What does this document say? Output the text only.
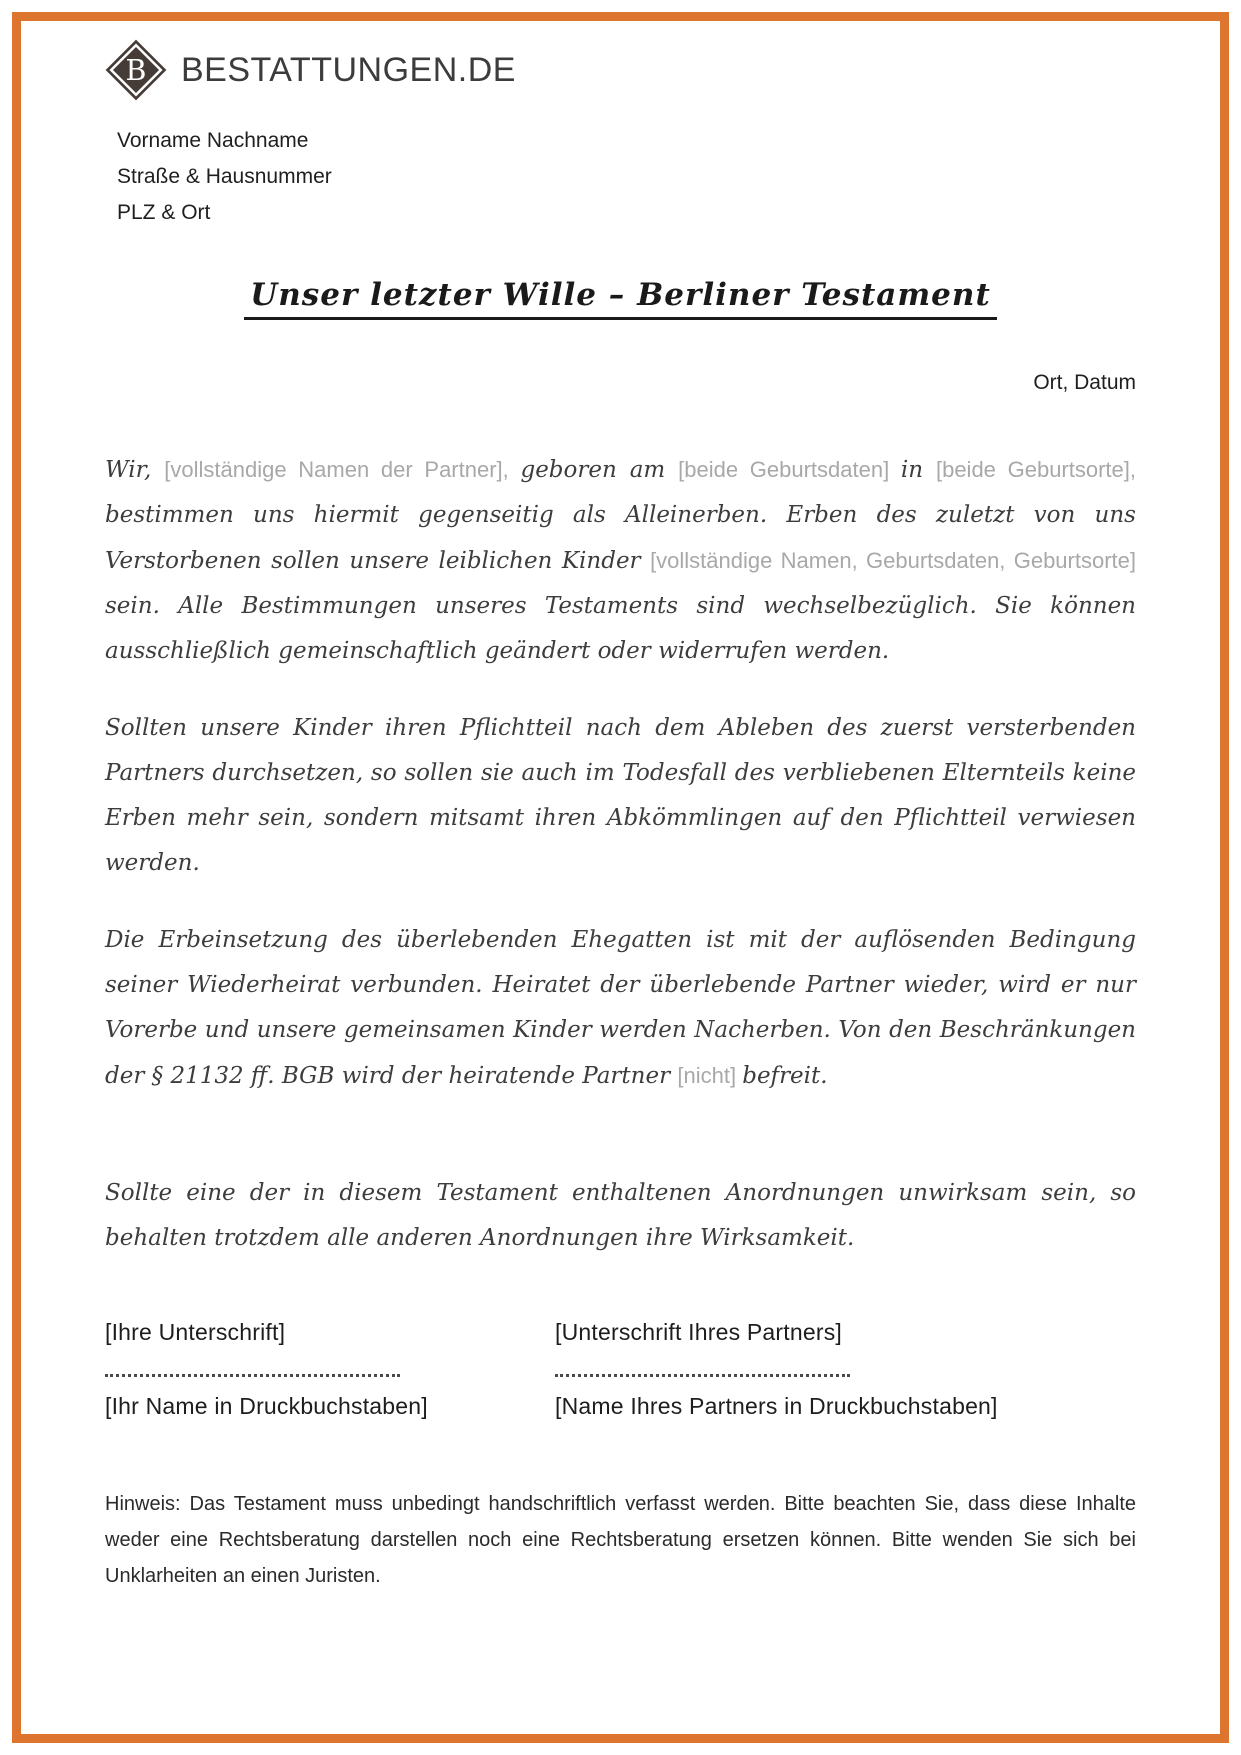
B BESTATTUNGEN.DE
Vorname Nachname
Straße & Hausnummer
PLZ & Ort
Unser letzter Wille – Berliner Testament
Ort, Datum

Wir, [vollständige Namen der Partner], geboren am [beide Geburtsdaten] in [beide Geburtsorte], bestimmen uns hiermit gegenseitig als Alleinerben. Erben des zuletzt von uns Verstorbenen sollen unsere leiblichen Kinder [vollständige Namen, Geburtsdaten, Geburtsorte] sein. Alle Bestimmungen unseres Testaments sind wechselbezüglich. Sie können ausschließlich gemeinschaftlich geändert oder widerrufen werden.

Sollten unsere Kinder ihren Pflichtteil nach dem Ableben des zuerst versterbenden Partners durchsetzen, so sollen sie auch im Todesfall des verbliebenen Elternteils keine Erben mehr sein, sondern mitsamt ihren Abkömmlingen auf den Pflichtteil verwiesen werden.

Die Erbeinsetzung des überlebenden Ehegatten ist mit der auflösenden Bedingung seiner Wiederheirat verbunden. Heiratet der überlebende Partner wieder, wird er nur Vorerbe und unsere gemeinsamen Kinder werden Nacherben. Von den Beschränkungen der § 21132 ff. BGB wird der heiratende Partner [nicht] befreit.

Sollte eine der in diesem Testament enthaltenen Anordnungen unwirksam sein, so behalten trotzdem alle anderen Anordnungen ihre Wirksamkeit.

[Ihre Unterschrift]
[Ihr Name in Druckbuchstaben]
[Unterschrift Ihres Partners]
[Name Ihres Partners in Druckbuchstaben]

Hinweis: Das Testament muss unbedingt handschriftlich verfasst werden. Bitte beachten Sie, dass diese Inhalte weder eine Rechtsberatung darstellen noch eine Rechtsberatung ersetzen können. Bitte wenden Sie sich bei Unklarheiten an einen Juristen.
